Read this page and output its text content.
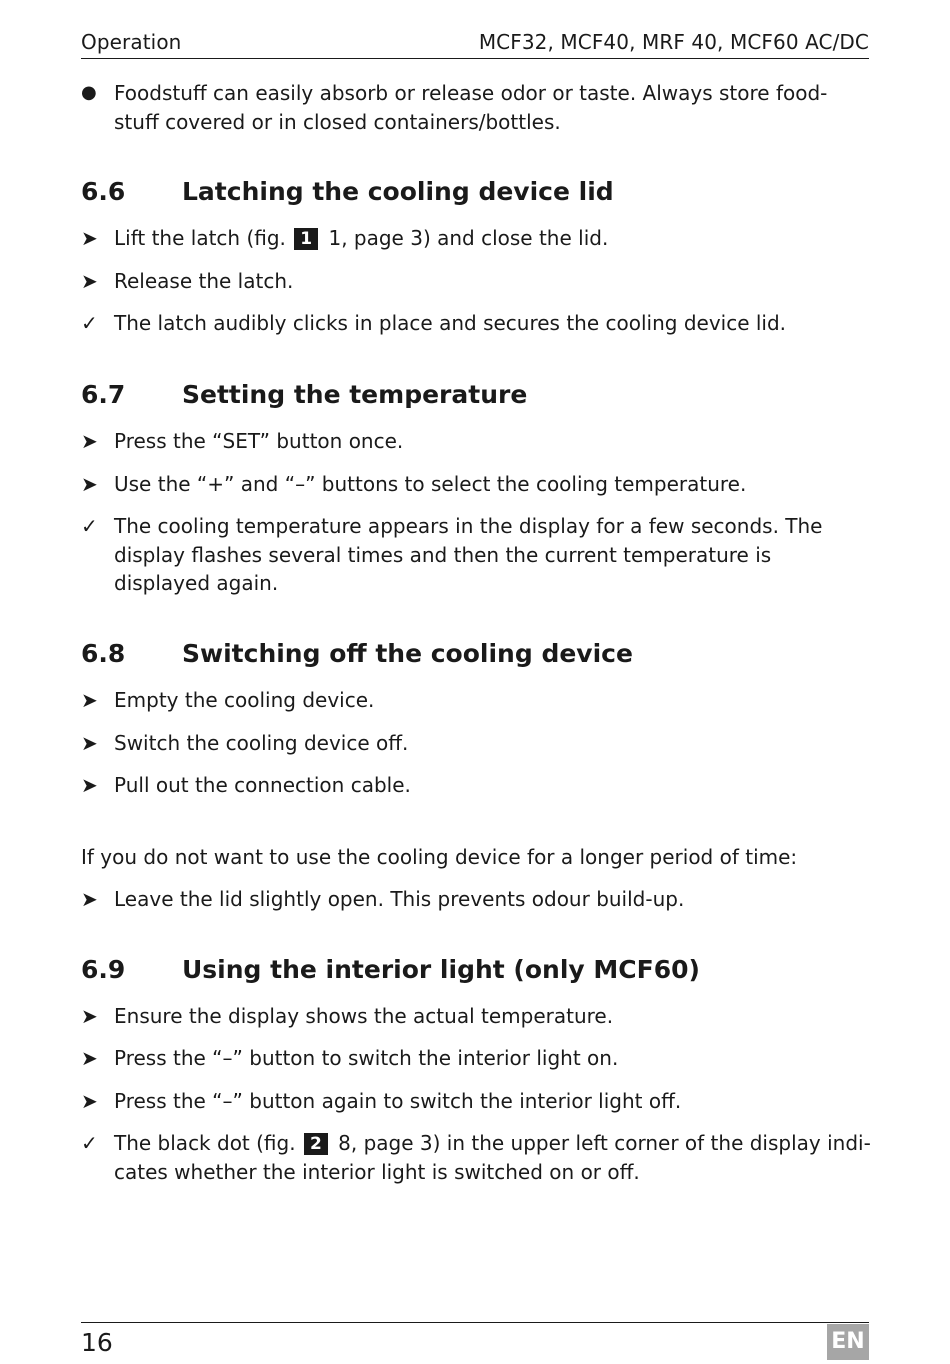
Operation	MCF32, MCF40, MRF 40, MCF60 AC/DC
● Foodstuff can easily absorb or release odor or taste. Always store food-stuff covered or in closed containers/bottles.
6.6 Latching the cooling device lid
➤ Lift the latch (fig. 1 1, page 3) and close the lid.
➤ Release the latch.
✓ The latch audibly clicks in place and secures the cooling device lid.
6.7 Setting the temperature
➤ Press the “SET” button once.
➤ Use the “+” and “–” buttons to select the cooling temperature.
✓ The cooling temperature appears in the display for a few seconds. The display flashes several times and then the current temperature is displayed again.
6.8 Switching off the cooling device
➤ Empty the cooling device.
➤ Switch the cooling device off.
➤ Pull out the connection cable.
If you do not want to use the cooling device for a longer period of time:
➤ Leave the lid slightly open. This prevents odour build-up.
6.9 Using the interior light (only MCF60)
➤ Ensure the display shows the actual temperature.
➤ Press the “–” button to switch the interior light on.
➤ Press the “–” button again to switch the interior light off.
✓ The black dot (fig. 2 8, page 3) in the upper left corner of the display indi-cates whether the interior light is switched on or off.
16	EN
